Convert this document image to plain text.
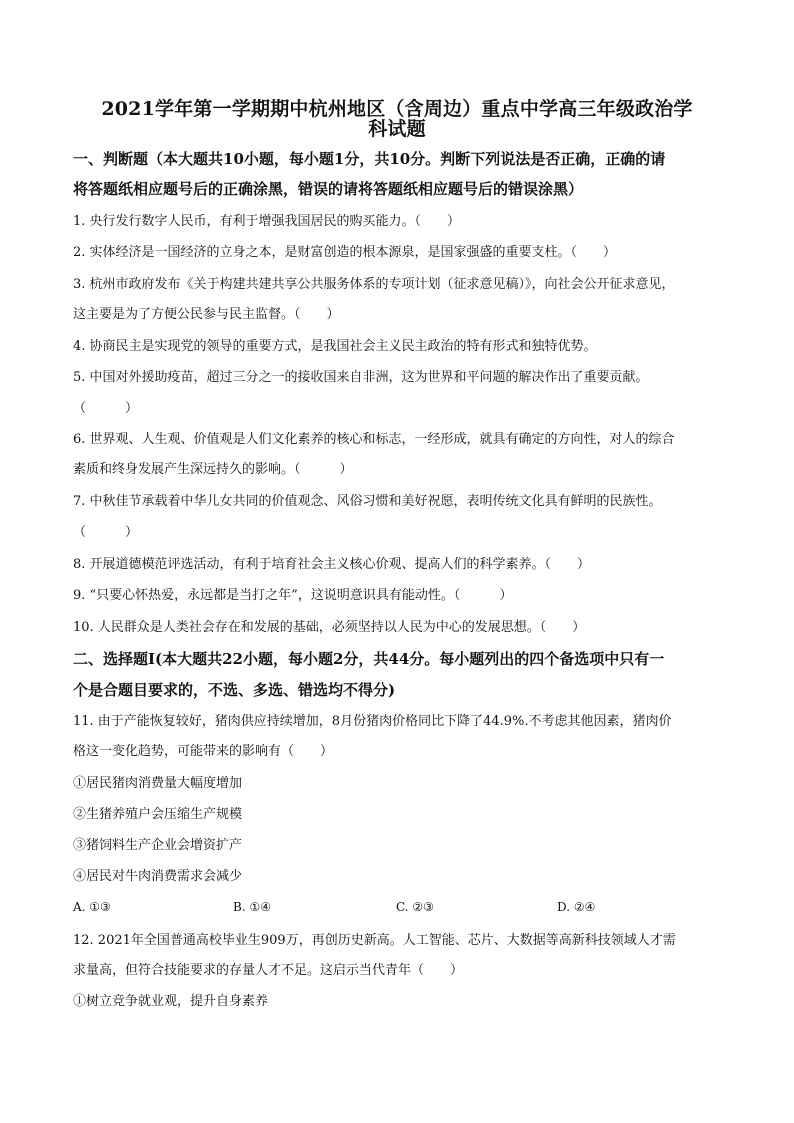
2021学年第一学期期中杭州地区（含周边）重点中学高三年级政治学
科试题
一、判断题（本大题共10小题，每小题1分，共10分。判断下列说法是否正确，正确的请
将答题纸相应题号后的正确涂黑，错误的请将答题纸相应题号后的错误涂黑）
1. 央行发行数字人民币，有利于增强我国居民的购买能力。（　　）
2. 实体经济是一国经济的立身之本，是财富创造的根本源泉，是国家强盛的重要支柱。（　　）
3. 杭州市政府发布《关于构建共建共享公共服务体系的专项计划（征求意见稿）》，向社会公开征求意见，
这主要是为了方便公民参与民主监督。（　　）
4. 协商民主是实现党的领导的重要方式，是我国社会主义民主政治的特有形式和独特优势。
5. 中国对外援助疫苗，超过三分之一的接收国来自非洲，这为世界和平问题的解决作出了重要贡献。
（　　　）
6. 世界观、人生观、价值观是人们文化素养的核心和标志，一经形成，就具有确定的方向性，对人的综合
素质和终身发展产生深远持久的影响。（　　　）
7. 中秋佳节承载着中华儿女共同的价值观念、风俗习惯和美好祝愿，表明传统文化具有鲜明的民族性。
（　　　）
8. 开展道德模范评选活动，有利于培育社会主义核心价观、提高人们的科学素养。（　　）
9. “只要心怀热爱，永远都是当打之年”，这说明意识具有能动性。（　　　）
10. 人民群众是人类社会存在和发展的基础，必须坚持以人民为中心的发展思想。（　　）
二、选择题Ⅰ(本大题共22小题，每小题2分，共44分。每小题列出的四个备选项中只有一
个是合题目要求的，不选、多选、错选均不得分)
11. 由于产能恢复较好，猪肉供应持续增加，8月份猪肉价格同比下降了44.9%.不考虑其他因素，猪肉价
格这一变化趋势，可能带来的影响有（　　）
①居民猪肉消费量大幅度增加
②生猪养殖户会压缩生产规模
③猪饲料生产企业会增资扩产
④居民对牛肉消费需求会减少
A. ①③	B. ①④	C. ②③	D. ②④
12. 2021年全国普通高校毕业生909万，再创历史新高。人工智能、芯片、大数据等高新科技领域人才需
求量高，但符合技能要求的存量人才不足。这启示当代青年（　　）
①树立竞争就业观，提升自身素养
